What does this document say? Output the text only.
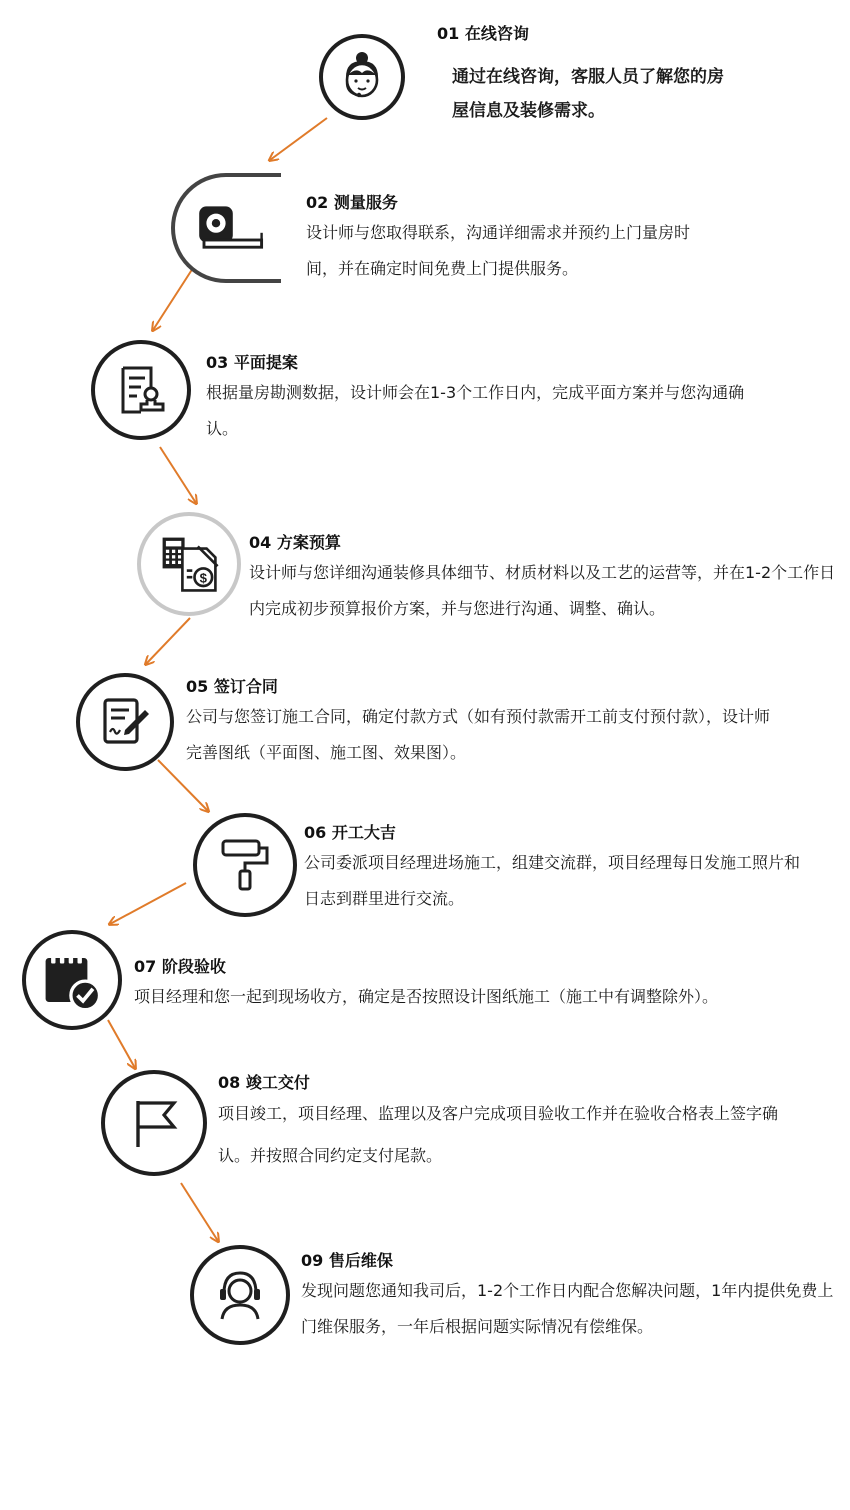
01 在线咨询

通过在线咨询，客服人员了解您的房屋信息及装修需求。

02 测量服务

设计师与您取得联系，沟通详细需求并预约上门量房时间，并在确定时间免费上门提供服务。

03 平面提案

根据量房勘测数据，设计师会在1-3个工作日内，完成平面方案并与您沟通确认。

$
04 方案预算

设计师与您详细沟通装修具体细节、材质材料以及工艺的运营等，并在1-2个工作日内完成初步预算报价方案，并与您进行沟通、调整、确认。

05 签订合同

公司与您签订施工合同，确定付款方式（如有预付款需开工前支付预付款），设计师完善图纸（平面图、施工图、效果图）。

06 开工大吉

公司委派项目经理进场施工，组建交流群，项目经理每日发施工照片和日志到群里进行交流。

07 阶段验收

项目经理和您一起到现场收方，确定是否按照设计图纸施工（施工中有调整除外）。

08 竣工交付

项目竣工，项目经理、监理以及客户完成项目验收工作并在验收合格表上签字确认。并按照合同约定支付尾款。

09 售后维保

发现问题您通知我司后，1-2个工作日内配合您解决问题，1年内提供免费上门维保服务，一年后根据问题实际情况有偿维保。
